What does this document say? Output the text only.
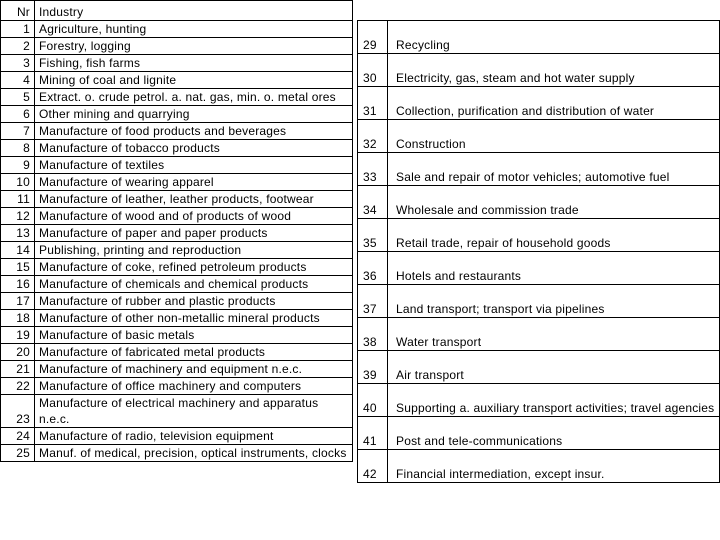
Nr	Industry
1	Agriculture, hunting
2	Forestry, logging
3	Fishing, fish farms
4	Mining of coal and lignite
5	Extract. o. crude petrol. a. nat. gas, min. o. metal ores
6	Other mining and quarrying
7	Manufacture of food products and beverages
8	Manufacture of tobacco products
9	Manufacture of textiles
10	Manufacture of wearing apparel
11	Manufacture of leather, leather products, footwear
12	Manufacture of wood and of products of wood
13	Manufacture of paper and paper products
14	Publishing, printing and reproduction
15	Manufacture of coke, refined petroleum products
16	Manufacture of chemicals and chemical products
17	Manufacture of rubber and plastic products
18	Manufacture of other non-metallic mineral products
19	Manufacture of basic metals
20	Manufacture of fabricated metal products
21	Manufacture of machinery and equipment n.e.c.
22	Manufacture of office machinery and computers
23	Manufacture of electrical machinery and apparatus n.e.c.
24	Manufacture of radio, television equipment
25	Manuf. of medical, precision, optical instruments, clocks
29	Recycling
30	Electricity, gas, steam and hot water supply
31	Collection, purification and distribution of water
32	Construction
33	Sale and repair of motor vehicles; automotive fuel
34	Wholesale and commission trade
35	Retail trade, repair of household goods
36	Hotels and restaurants
37	Land transport; transport via pipelines
38	Water transport
39	Air transport
40	Supporting a. auxiliary transport activities; travel agencies
41	Post and tele-communications
42	Financial intermediation, except insur.
